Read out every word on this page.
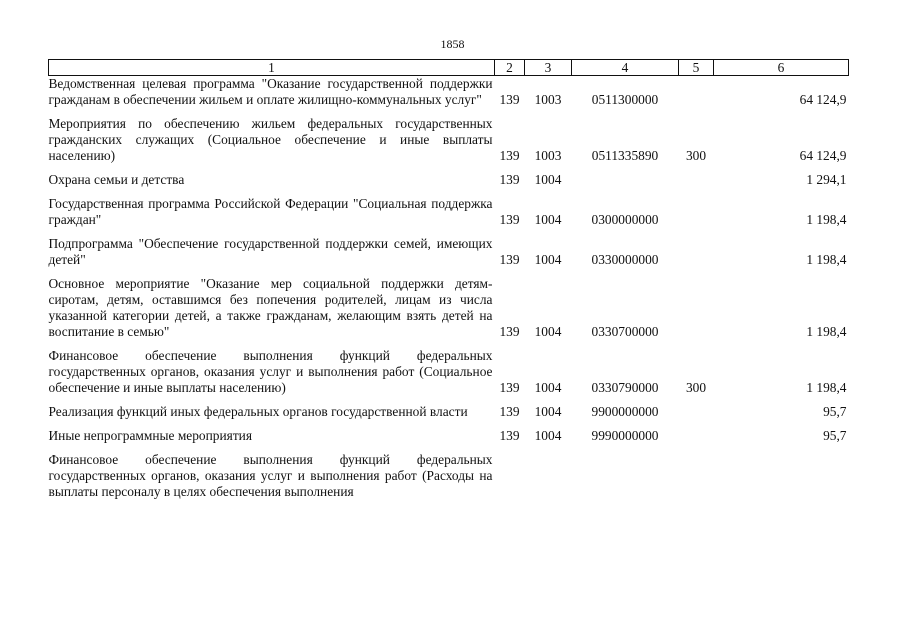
1858
1	2	3	4	5	6
Ведомственная целевая программа "Оказание государственной поддержки гражданам в обеспечении жильем и оплате жилищно-коммунальных услуг"	139	1003	0511300000		64 124,9
Мероприятия по обеспечению жильем федеральных государственных гражданских служащих (Социальное обеспечение и иные выплаты населению)	139	1003	0511335890	300	64 124,9
Охрана семьи и детства	139	1004			1 294,1
Государственная программа Российской Федерации "Социальная поддержка граждан"	139	1004	0300000000		1 198,4
Подпрограмма "Обеспечение государственной поддержки семей, имеющих детей"	139	1004	0330000000		1 198,4
Основное мероприятие "Оказание мер социальной поддержки детям-сиротам, детям, оставшимся без попечения родителей, лицам из числа указанной категории детей, а также гражданам, желающим взять детей на воспитание в семью"	139	1004	0330700000		1 198,4
Финансовое обеспечение выполнения функций федеральных государственных органов, оказания услуг и выполнения работ (Социальное обеспечение и иные выплаты населению)	139	1004	0330790000	300	1 198,4
Реализация функций иных федеральных органов государственной власти	139	1004	9900000000		95,7
Иные непрограммные мероприятия	139	1004	9990000000		95,7
Финансовое обеспечение выполнения функций федеральных государственных органов, оказания услуг и выполнения работ (Расходы на выплаты персоналу в целях обеспечения выполнения					
